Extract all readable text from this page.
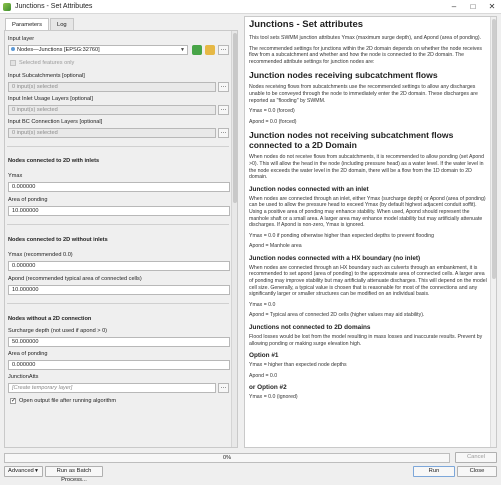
Junctions - Set Attributes	–	□	✕
Parameters	Log
Input layer
Nodes—Junctions [EPSG:32760]	▼	…
Selected features only
Input Subcatchments [optional]
0 input(s) selected	…
Input Inlet Usage Layers [optional]
0 input(s) selected	…
Input BC Connection Layers [optional]
0 input(s) selected	…
Nodes connected to 2D with inlets
Ymax
0.000000
Area of ponding
10.000000
Nodes connected to 2D without inlets
Ymax (recommended 0.0)
0.000000
Apond (recommended typical area of connected cells)
10.000000
Nodes without a 2D connection
Surcharge depth (not used if apond > 0)
50.000000
Area of ponding
0.000000
JunctionAtts
[Create temporary layer]	…
✓
Open output file after running algorithm
Junctions - Set attributes

This tool sets SWMM junction attributes Ymax (maximum surge depth), and Apond (area of ponding).

The recommended settings for junctions within the 2D domain depends on whether the node receives flow from a subcatchment and whether and how the node is connected to the 2D domain. The recommended attribute settings for junction nodes are:

Junction nodes receiving subcatchment flows

Nodes receiving flows from subcatchments use the recommended settings to allow any discharges unable to be conveyed through the node to immediately enter the 2D domain. These discharges are reported as "flooding" by SWMM.

Ymax = 0.0 (forced)

Apond = 0.0 (forced)

Junction nodes not receiving subcatchment flows connected to a 2D Domain

When nodes do not receive flows from subcatchments, it is recommended to allow ponding (set Apond >0). This will allow the head in the node (including pressure head) as a water level. If the water level in the node exceeds the water level in the 2D domain, there will be a flow from the 1D domain to 2D domain.

Junction nodes connected with an inlet

When nodes are connected through an inlet, either Ymax (surcharge depth) or Apond (area of ponding) can be used to allow the pressure head to exceed Ymax (by default highest adjacent conduit soffit). Using a positive area of ponding may enhance stability. When used, Apond should represent the manhole shaft or a small area. A larger area may enhance model stability but may artificially attenuate discharges. If Apond is non-zero, Ymax is ignored.

Ymax = 0.0 if ponding otherwise higher than expected depths to prevent flooding

Apond = Manhole area

Junction nodes connected with a HX boundary (no inlet)

When nodes are connected through an HX boundary such as culverts through an embankment, it is recommended to set apond (area of ponding) to the approximate area of connected cells. A larger area of ponding may improve stability but may artificially attenuate discharges. This will depend on the model cell size. Generally, a typical value is chosen that is reasonable for most of the connections and any significantly larger or smaller structures can be modified on an individual basis.

Ymax = 0.0

Apond = Typical area of connected 2D cells (higher values may aid stability).

Junctions not connected to 2D domains

Flood losses would be lost from the model resulting in mass losses and inaccurate results. Prevent by allowing ponding or making surge elevation high.

Option #1

Ymax = higher than expected node depths

Apond = 0.0

or Option #2

Ymax = 0.0 (ignored)

0%	Cancel
Advanced ▼	Run as Batch Process...
Run	Close
